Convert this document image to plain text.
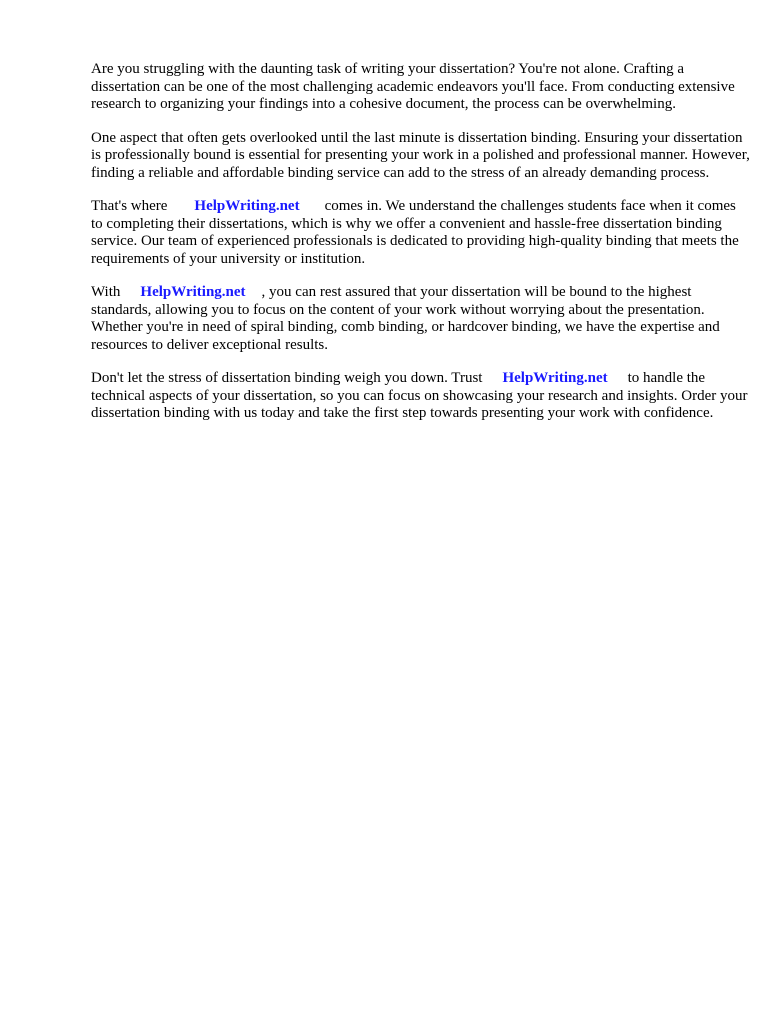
Are you struggling with the daunting task of writing your dissertation? You're not alone. Crafting a dissertation can be one of the most challenging academic endeavors you'll face. From conducting extensive research to organizing your findings into a cohesive document, the process can be overwhelming.

One aspect that often gets overlooked until the last minute is dissertation binding. Ensuring your dissertation is professionally bound is essential for presenting your work in a polished and professional manner. However, finding a reliable and affordable binding service can add to the stress of an already demanding process.

That's where HelpWriting.net comes in. We understand the challenges students face when it comes to completing their dissertations, which is why we offer a convenient and hassle-free dissertation binding service. Our team of experienced professionals is dedicated to providing high-quality binding that meets the requirements of your university or institution.

With HelpWriting.net , you can rest assured that your dissertation will be bound to the highest standards, allowing you to focus on the content of your work without worrying about the presentation. Whether you're in need of spiral binding, comb binding, or hardcover binding, we have the expertise and resources to deliver exceptional results.

Don't let the stress of dissertation binding weigh you down. Trust HelpWriting.net to handle the technical aspects of your dissertation, so you can focus on showcasing your research and insights. Order your dissertation binding with us today and take the first step towards presenting your work with confidence.
